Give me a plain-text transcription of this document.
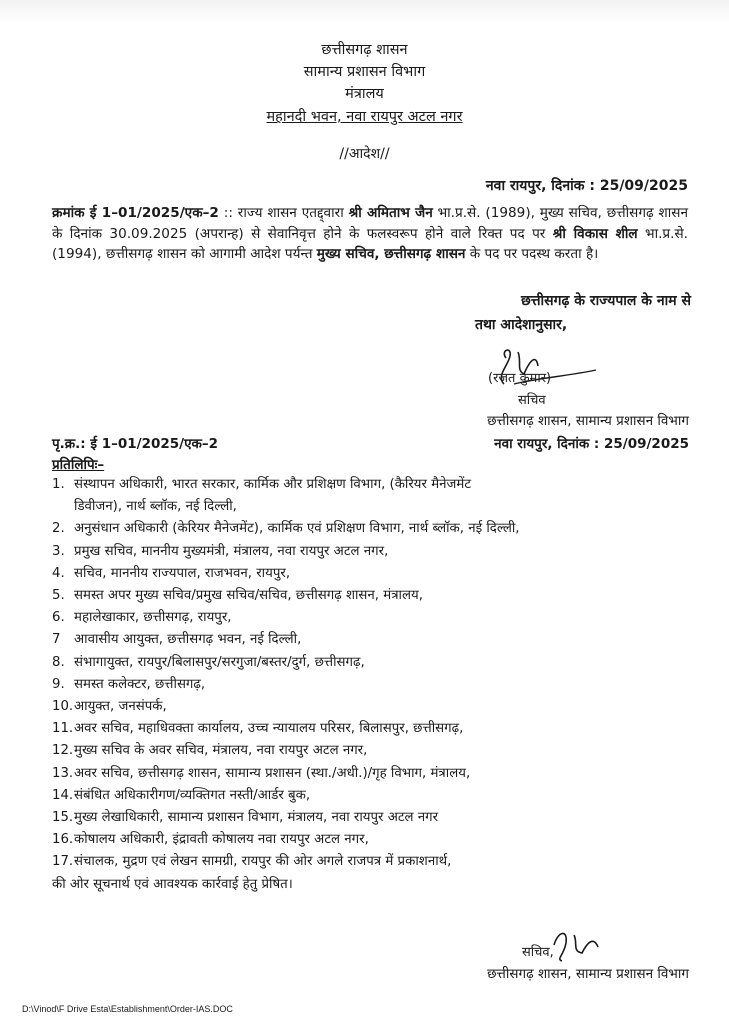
छत्तीसगढ़ शासन
सामान्य प्रशासन विभाग
मंत्रालय
महानदी भवन, नवा रायपुर अटल नगर
//आदेश//
नवा रायपुर, दिनांक : 25/09/2025
क्रमांक ई 1–01/2025/एक–2 :: राज्य शासन एतद्द्वारा श्री अमिताभ जैन भा.प्र.से. (1989), मुख्य सचिव, छत्तीसगढ़ शासन के दिनांक 30.09.2025 (अपरान्ह) से सेवानिवृत्त होने के फलस्वरूप होने वाले रिक्त पद पर श्री विकास शील भा.प्र.से. (1994), छत्तीसगढ़ शासन को आगामी आदेश पर्यन्त मुख्य सचिव, छत्तीसगढ़ शासन के पद पर पदस्थ करता है।
छत्तीसगढ़ के राज्यपाल के नाम से
तथा आदेशानुसार,
(रजत कुमार)
सचिव
छत्तीसगढ़ शासन, सामान्य प्रशासन विभाग
पृ.क्र.: ई 1–01/2025/एक–2	नवा रायपुर, दिनांक : 25/09/2025
प्रतिलिपिः–
1. संस्थापन अधिकारी, भारत सरकार, कार्मिक और प्रशिक्षण विभाग, (कैरियर मैनेजमेंट
डिवीजन), नार्थ ब्लॉक, नई दिल्ली,
2. अनुसंधान अधिकारी (केरियर मैनेजमेंट), कार्मिक एवं प्रशिक्षण विभाग, नार्थ ब्लॉक, नई दिल्ली,
3. प्रमुख सचिव, माननीय मुख्यमंत्री, मंत्रालय, नवा रायपुर अटल नगर,
4. सचिव, माननीय राज्यपाल, राजभवन, रायपुर,
5. समस्त अपर मुख्य सचिव/प्रमुख सचिव/सचिव, छत्तीसगढ़ शासन, मंत्रालय,
6. महालेखाकार, छत्तीसगढ़, रायपुर,
7 आवासीय आयुक्त, छत्तीसगढ़ भवन, नई दिल्ली,
8. संभागायुक्त, रायपुर/बिलासपुर/सरगुजा/बस्तर/दुर्ग, छत्तीसगढ़,
9. समस्त कलेक्टर, छत्तीसगढ़,
10.आयुक्त, जनसंपर्क,
11.अवर सचिव, महाधिवक्ता कार्यालय, उच्च न्यायालय परिसर, बिलासपुर, छत्तीसगढ़,
12.मुख्य सचिव के अवर सचिव, मंत्रालय, नवा रायपुर अटल नगर,
13.अवर सचिव, छत्तीसगढ़ शासन, सामान्य प्रशासन (स्था./अधी.)/गृह विभाग, मंत्रालय,
14.संबंधित अधिकारीगण/व्यक्तिगत नस्ती/आर्डर बुक,
15.मुख्य लेखाधिकारी, सामान्य प्रशासन विभाग, मंत्रालय, नवा रायपुर अटल नगर
16.कोषालय अधिकारी, इंद्रावती कोषालय नवा रायपुर अटल नगर,
17.संचालक, मुद्रण एवं लेखन सामग्री, रायपुर की ओर अगले राजपत्र में प्रकाशनार्थ,
की ओर सूचनार्थ एवं आवश्यक कार्रवाई हेतु प्रेषित।
सचिव,
छत्तीसगढ़ शासन, सामान्य प्रशासन विभाग
D:\Vinod\F Drive Esta\Establishment\Order-IAS.DOC
